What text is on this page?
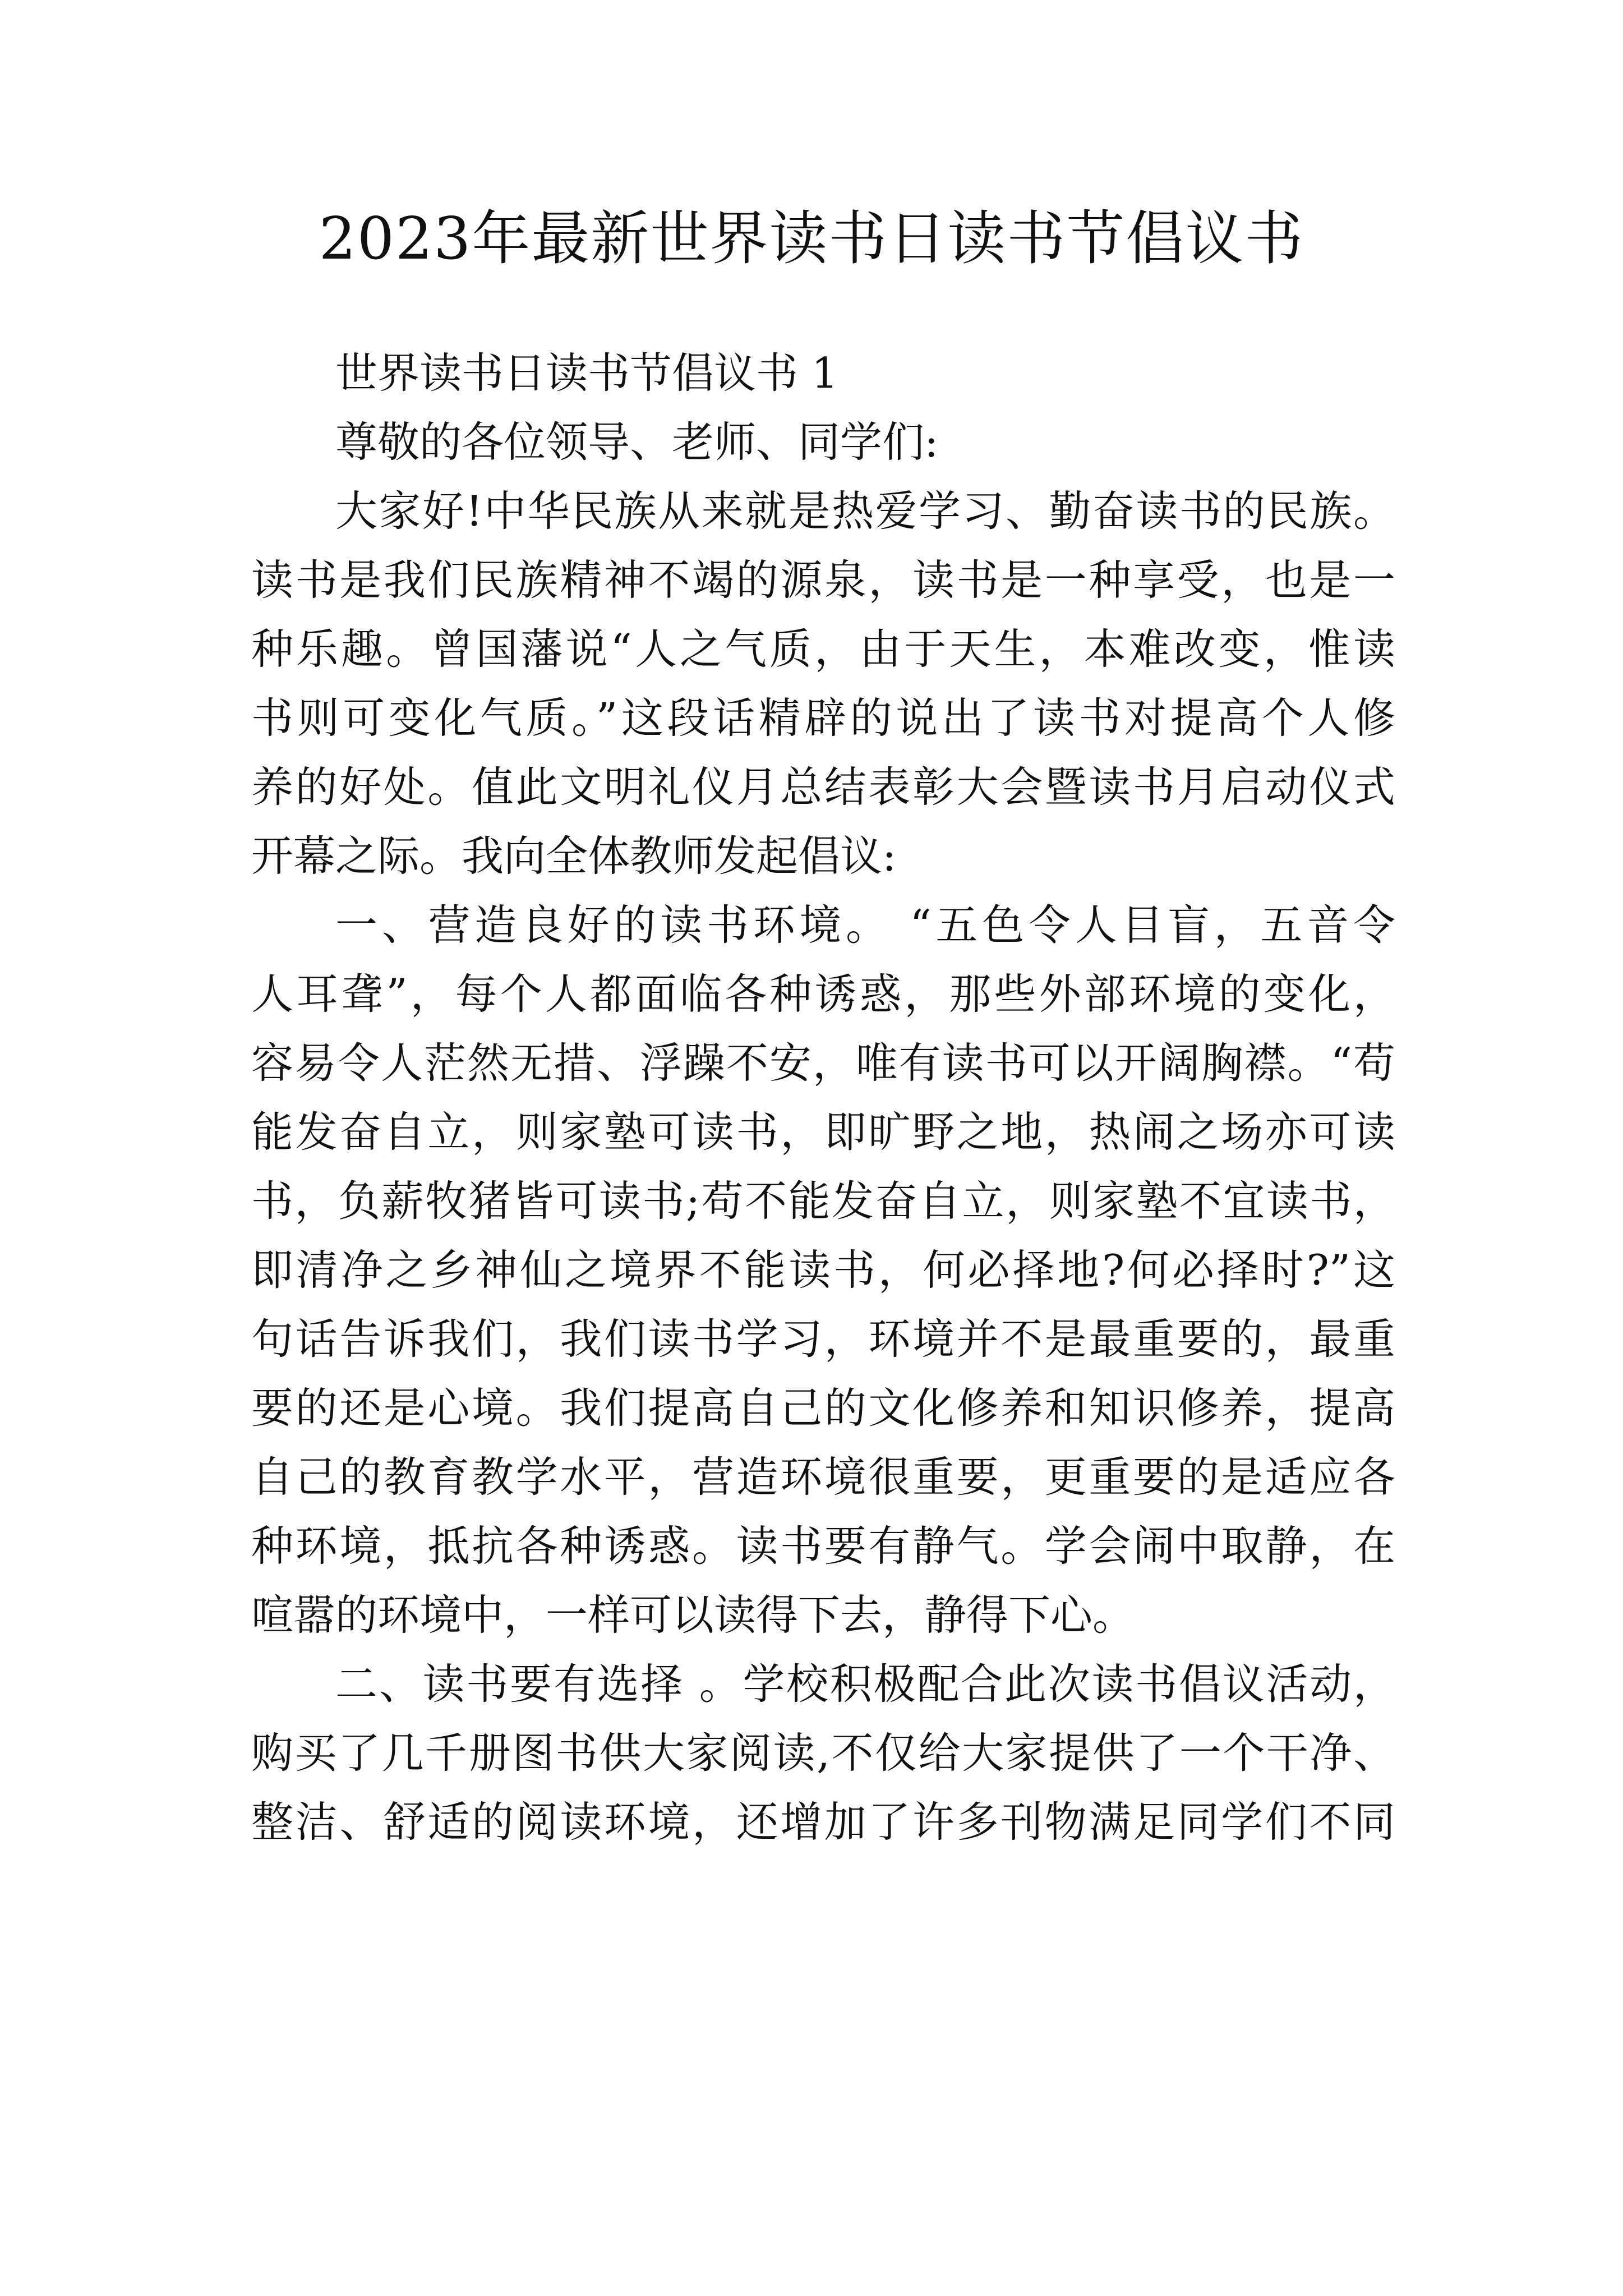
2023年最新世界读书日读书节倡议书
世界读书日读书节倡议书 1
尊敬的各位领导、老师、同学们:
大家好!中华民族从来就是热爱学习、勤奋读书的民族。
读书是我们民族精神不竭的源泉，读书是一种享受，也是一
种乐趣。曾国藩说“人之气质，由于天生，本难改变，惟读
书则可变化气质。”这段话精辟的说出了读书对提高个人修
养的好处。值此文明礼仪月总结表彰大会暨读书月启动仪式
开幕之际。我向全体教师发起倡议:
一、营造良好的读书环境。 “五色令人目盲，五音令
人耳聋”，每个人都面临各种诱惑，那些外部环境的变化，
容易令人茫然无措、浮躁不安，唯有读书可以开阔胸襟。“苟
能发奋自立，则家塾可读书，即旷野之地，热闹之场亦可读
书，负薪牧猪皆可读书;苟不能发奋自立，则家塾不宜读书，
即清净之乡神仙之境界不能读书，何必择地?何必择时?”这
句话告诉我们，我们读书学习，环境并不是最重要的，最重
要的还是心境。我们提高自己的文化修养和知识修养，提高
自己的教育教学水平，营造环境很重要，更重要的是适应各
种环境，抵抗各种诱惑。读书要有静气。学会闹中取静，在
喧嚣的环境中，一样可以读得下去，静得下心。
二、读书要有选择 。学校积极配合此次读书倡议活动，
购买了几千册图书供大家阅读,不仅给大家提供了一个干净、
整洁、舒适的阅读环境，还增加了许多刊物满足同学们不同
